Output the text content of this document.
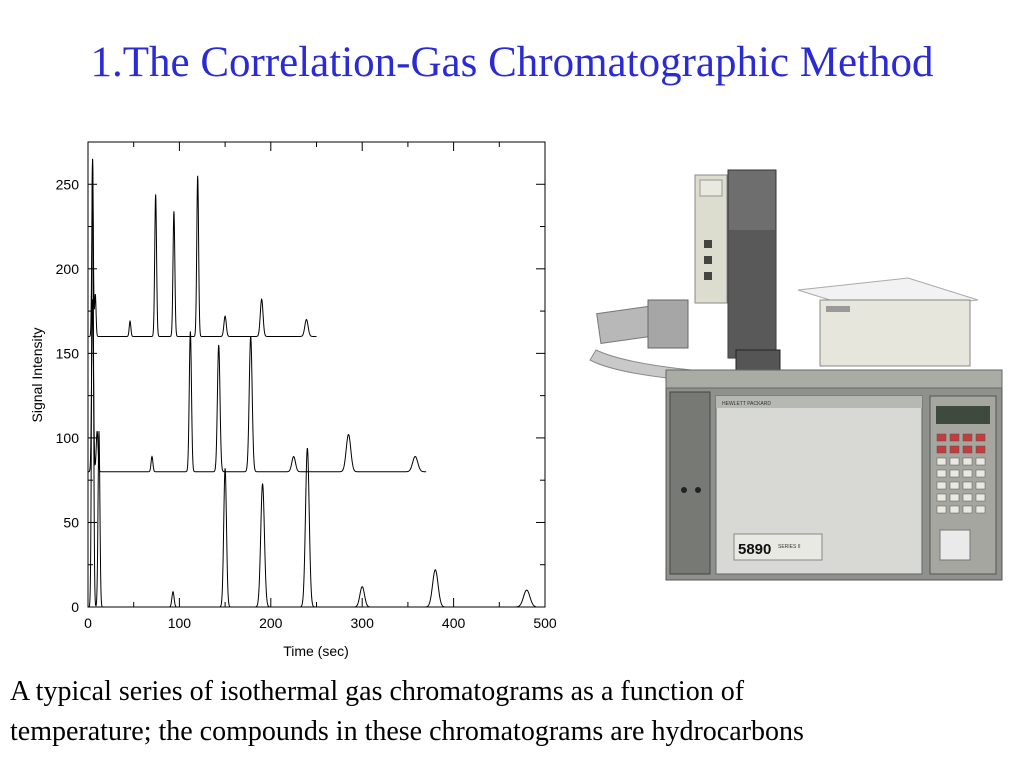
1.The Correlation-Gas Chromatographic Method
0	100	200	300	400	500
0
50
100
150
200
250
Time (sec)
Signal Intensity
5890 SERIES II
HEWLETT PACKARD
A typical series of isothermal gas chromatograms as a function of
temperature; the compounds in these chromatograms are hydrocarbons
